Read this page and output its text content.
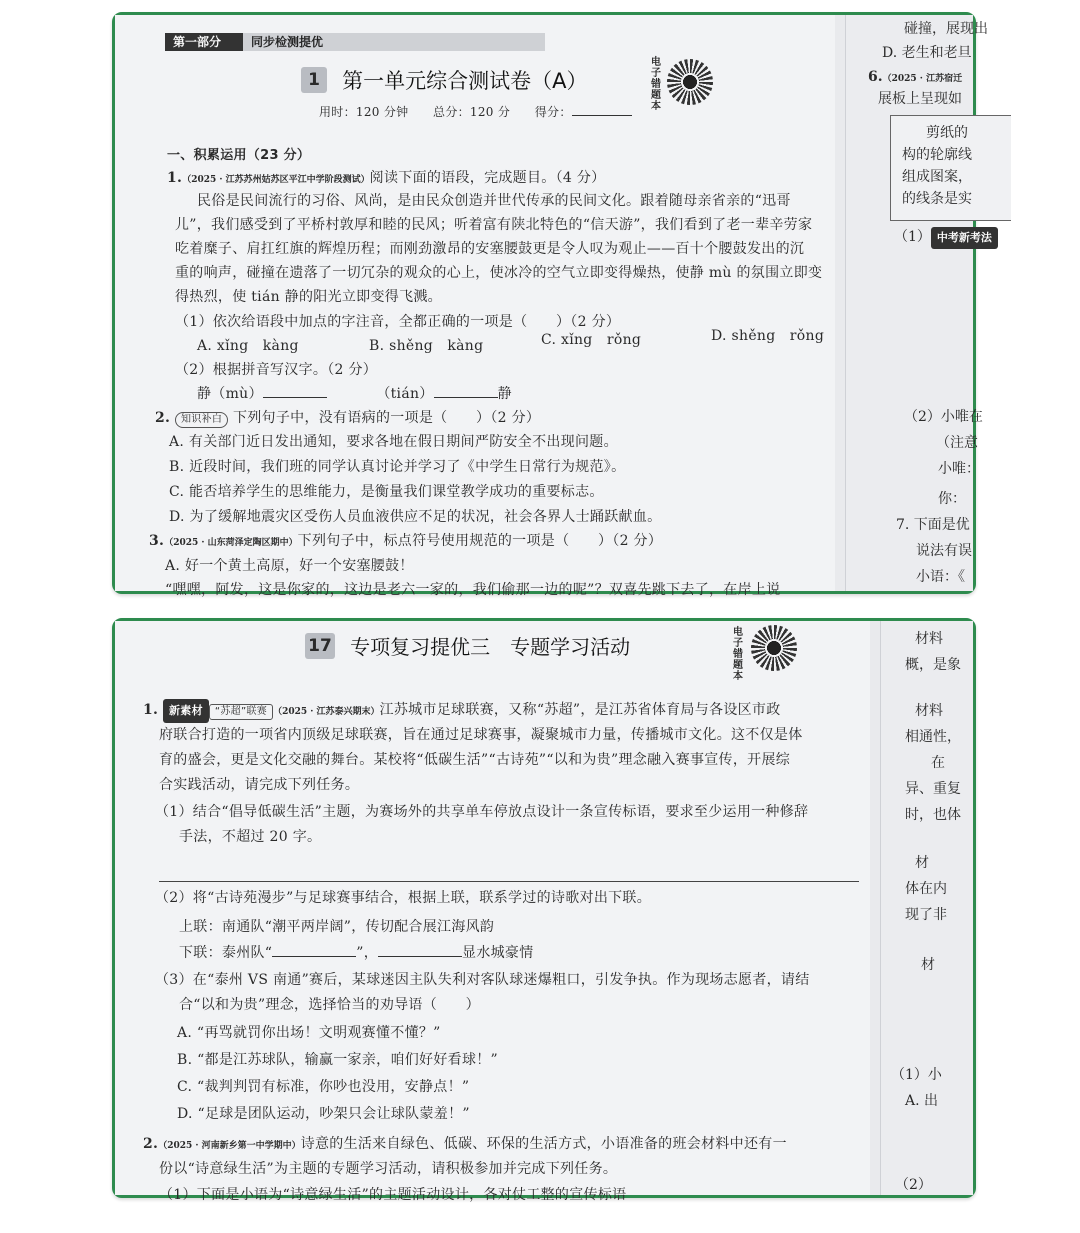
第一部分 同步检测提优
1 第一单元综合测试卷（A）
电子错题本
用时：120 分钟　　总分：120 分　　得分：
一、积累运用（23 分）
1.（2025 · 江苏苏州姑苏区平江中学阶段测试）阅读下面的语段，完成题目。（4 分）
民俗是民间流行的习俗、风尚，是由民众创造并世代传承的民间文化。跟着随母亲省亲的“迅哥
儿”，我们感受到了平桥村敦厚和睦的民风；听着富有陕北特色的“信天游”，我们看到了老一辈辛劳家
吃着糜子、肩扛红旗的辉煌历程；而刚劲激昂的安塞腰鼓更是令人叹为观止——百十个腰鼓发出的沉
重的响声，碰撞在遗落了一切冗杂的观众的心上，使冰冷的空气立即变得燥热，使静 mù 的氛围立即变
得热烈，使 tián 静的阳光立即变得飞溅。
（1）依次给语段中加点的字注音，全都正确的一项是（　　）（2 分）
A. xǐng　kàng	B. shěng　kàng	C. xǐng　rǒng	D. shěng　rǒng
（2）根据拼音写汉字。（2 分）
静（mù）	（tián）	静
2. 知识补白 下列句子中，没有语病的一项是（　　）（2 分）
A. 有关部门近日发出通知，要求各地在假日期间严防安全不出现问题。
B. 近段时间，我们班的同学认真讨论并学习了《中学生日常行为规范》。
C. 能否培养学生的思维能力，是衡量我们课堂教学成功的重要标志。
D. 为了缓解地震灾区受伤人员血液供应不足的状况，社会各界人士踊跃献血。
3.（2025 · 山东菏泽定陶区期中）下列句子中，标点符号使用规范的一项是（　　）（2 分）
A. 好一个黄土高原，好一个安塞腰鼓！
“嘿嘿，阿发，这是你家的，这边是老六一家的，我们偷那一边的呢”？双喜先跳下去了，在岸上说
碰撞，展现出
D. 老生和老旦
6.（2025 · 江苏宿迁
展板上呈现如
剪纸的
构的轮廓线
组成图案，
的线条是实
（1） 中考新考法
（2）小唯在
（注意
小唯：
你：
7. 下面是优
说法有误
小语：《
17 专项复习提优三　专题学习活动
电子错题本
1. 新素材 “苏超”联赛 （2025 · 江苏泰兴期末）江苏城市足球联赛，又称“苏超”，是江苏省体育局与各设区市政
府联合打造的一项省内顶级足球联赛，旨在通过足球赛事，凝聚城市力量，传播城市文化。这不仅是体
育的盛会，更是文化交融的舞台。某校将“低碳生活”“古诗苑”“以和为贵”理念融入赛事宣传，开展综
合实践活动，请完成下列任务。
（1）结合“倡导低碳生活”主题，为赛场外的共享单车停放点设计一条宣传标语，要求至少运用一种修辞
手法，不超过 20 字。
（2）将“古诗苑漫步”与足球赛事结合，根据上联，联系学过的诗歌对出下联。
上联：南通队“潮平两岸阔”，传切配合展江海风韵
下联：泰州队“	”，	显水城豪情
（3）在“泰州 VS 南通”赛后，某球迷因主队失利对客队球迷爆粗口，引发争执。作为现场志愿者，请结
合“以和为贵”理念，选择恰当的劝导语（　　）
A. “再骂就罚你出场！文明观赛懂不懂？”
B. “都是江苏球队，输赢一家亲，咱们好好看球！”
C. “裁判判罚有标准，你吵也没用，安静点！”
D. “足球是团队运动，吵架只会让球队蒙羞！”
2.（2025 · 河南新乡第一中学期中）诗意的生活来自绿色、低碳、环保的生活方式，小语准备的班会材料中还有一
份以“诗意绿生活”为主题的专题学习活动，请积极参加并完成下列任务。
（1）下面是小语为“诗意绿生活”的主题活动设计，各对仗工整的宣传标语
材料
概，是象
材料
相通性，
在
异、重复
时，也体
材
体在内
现了非
材
（1）小
A. 出
（2）
